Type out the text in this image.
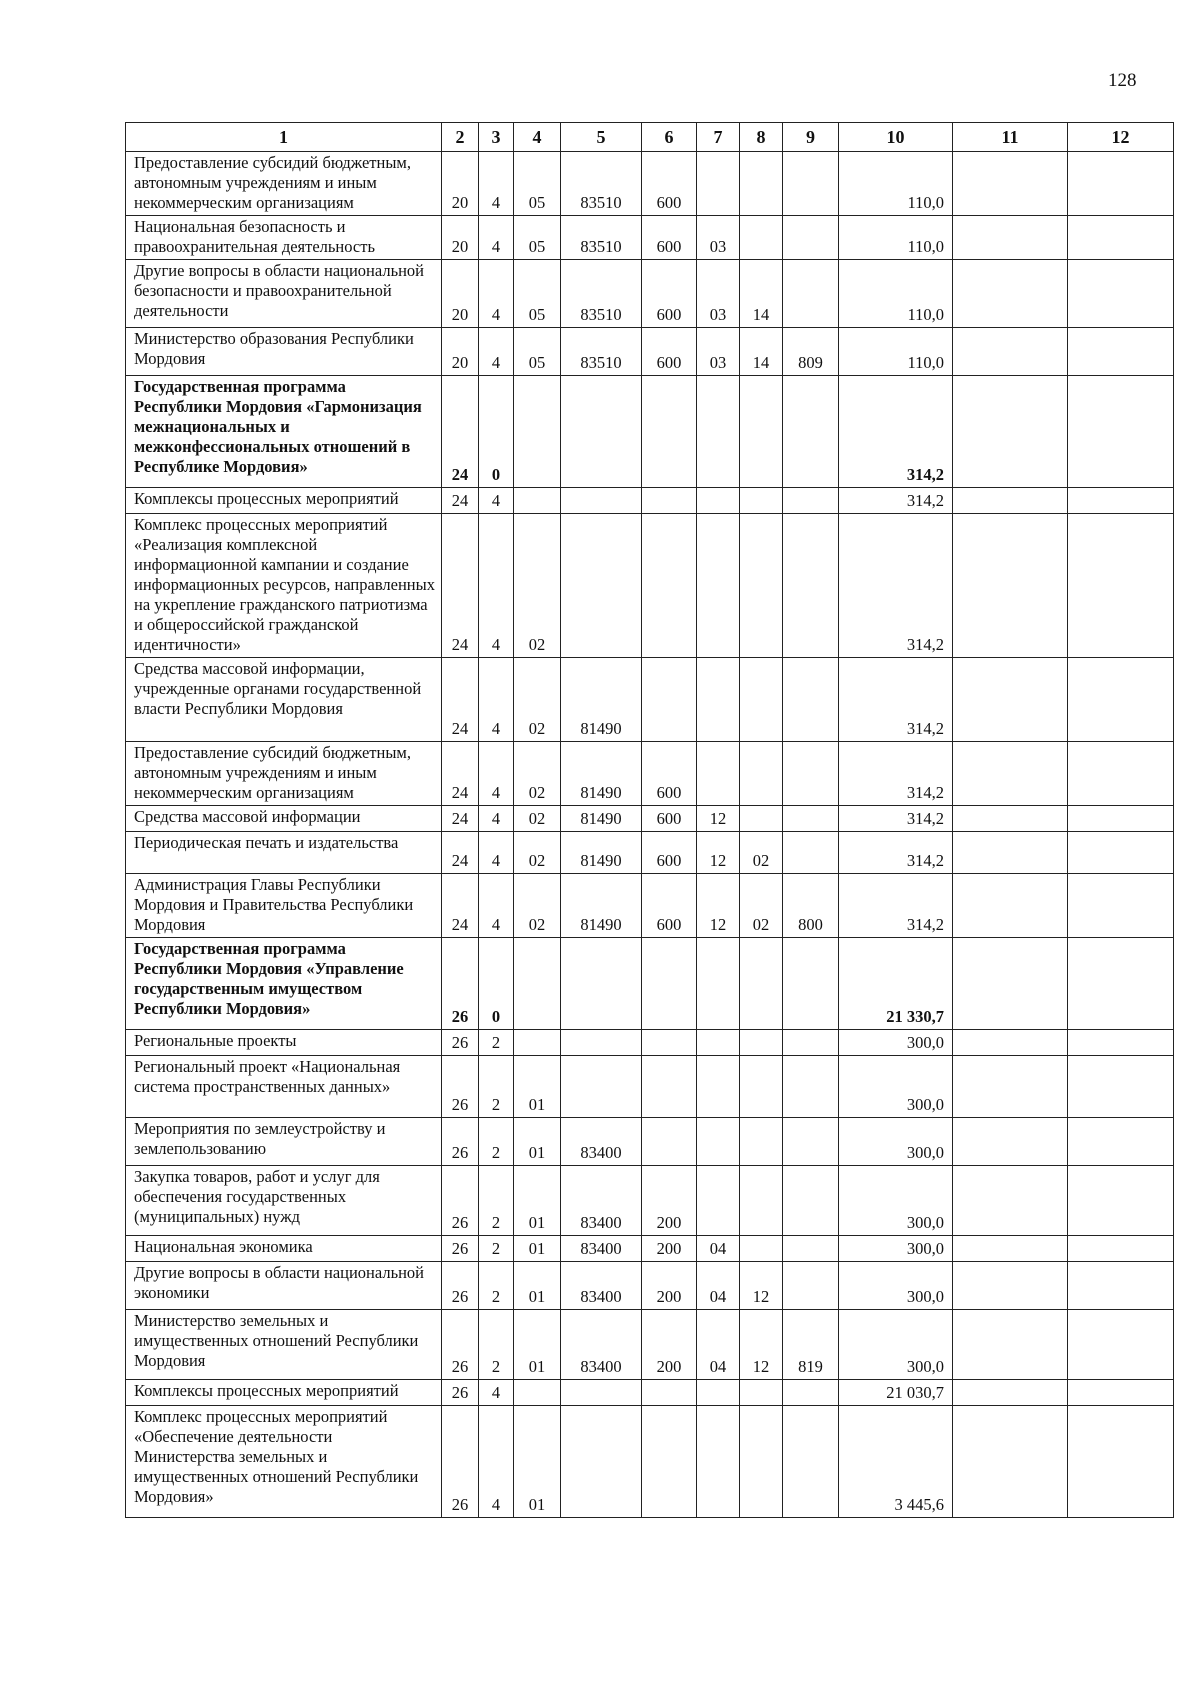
128
1	2	3	4	5	6	7	8	9	10	11	12
Предоставление субсидий бюджетным, автономным учреждениям и иным некоммерческим организациям	20	4	05	83510	600				110,0		
Национальная безопасность и правоохранительная деятельность	20	4	05	83510	600	03			110,0		
Другие вопросы в области национальной безопасности и правоохранительной деятельности	20	4	05	83510	600	03	14		110,0		
Министерство образования Республики Мордовия	20	4	05	83510	600	03	14	809	110,0		
Государственная программа Республики Мордовия «Гармонизация межнациональных и межконфессиональных отношений в Республике Мордовия»	24	0							314,2		
Комплексы процессных мероприятий	24	4							314,2		
Комплекс процессных мероприятий «Реализация комплексной информационной кампании и создание информационных ресурсов, направленных на укрепление гражданского патриотизма и общероссийской гражданской идентичности»	24	4	02						314,2		
Средства массовой информации, учрежденные органами государственной власти Республики Мордовия	24	4	02	81490					314,2		
Предоставление субсидий бюджетным, автономным учреждениям и иным некоммерческим организациям	24	4	02	81490	600				314,2		
Средства массовой информации	24	4	02	81490	600	12			314,2		
Периодическая печать и издательства	24	4	02	81490	600	12	02		314,2		
Администрация Главы Республики Мордовия и Правительства Республики Мордовия	24	4	02	81490	600	12	02	800	314,2		
Государственная программа Республики Мордовия «Управление государственным имуществом Республики Мордовия»	26	0							21 330,7		
Региональные проекты	26	2							300,0		
Региональный проект «Национальная система пространственных данных»	26	2	01						300,0		
Мероприятия по землеустройству и землепользованию	26	2	01	83400					300,0		
Закупка товаров, работ и услуг для обеспечения государственных (муниципальных) нужд	26	2	01	83400	200				300,0		
Национальная экономика	26	2	01	83400	200	04			300,0		
Другие вопросы в области национальной экономики	26	2	01	83400	200	04	12		300,0		
Министерство земельных и имущественных отношений Республики Мордовия	26	2	01	83400	200	04	12	819	300,0		
Комплексы процессных мероприятий	26	4							21 030,7		
Комплекс процессных мероприятий «Обеспечение деятельности Министерства земельных и имущественных отношений Республики Мордовия»	26	4	01						3 445,6		
